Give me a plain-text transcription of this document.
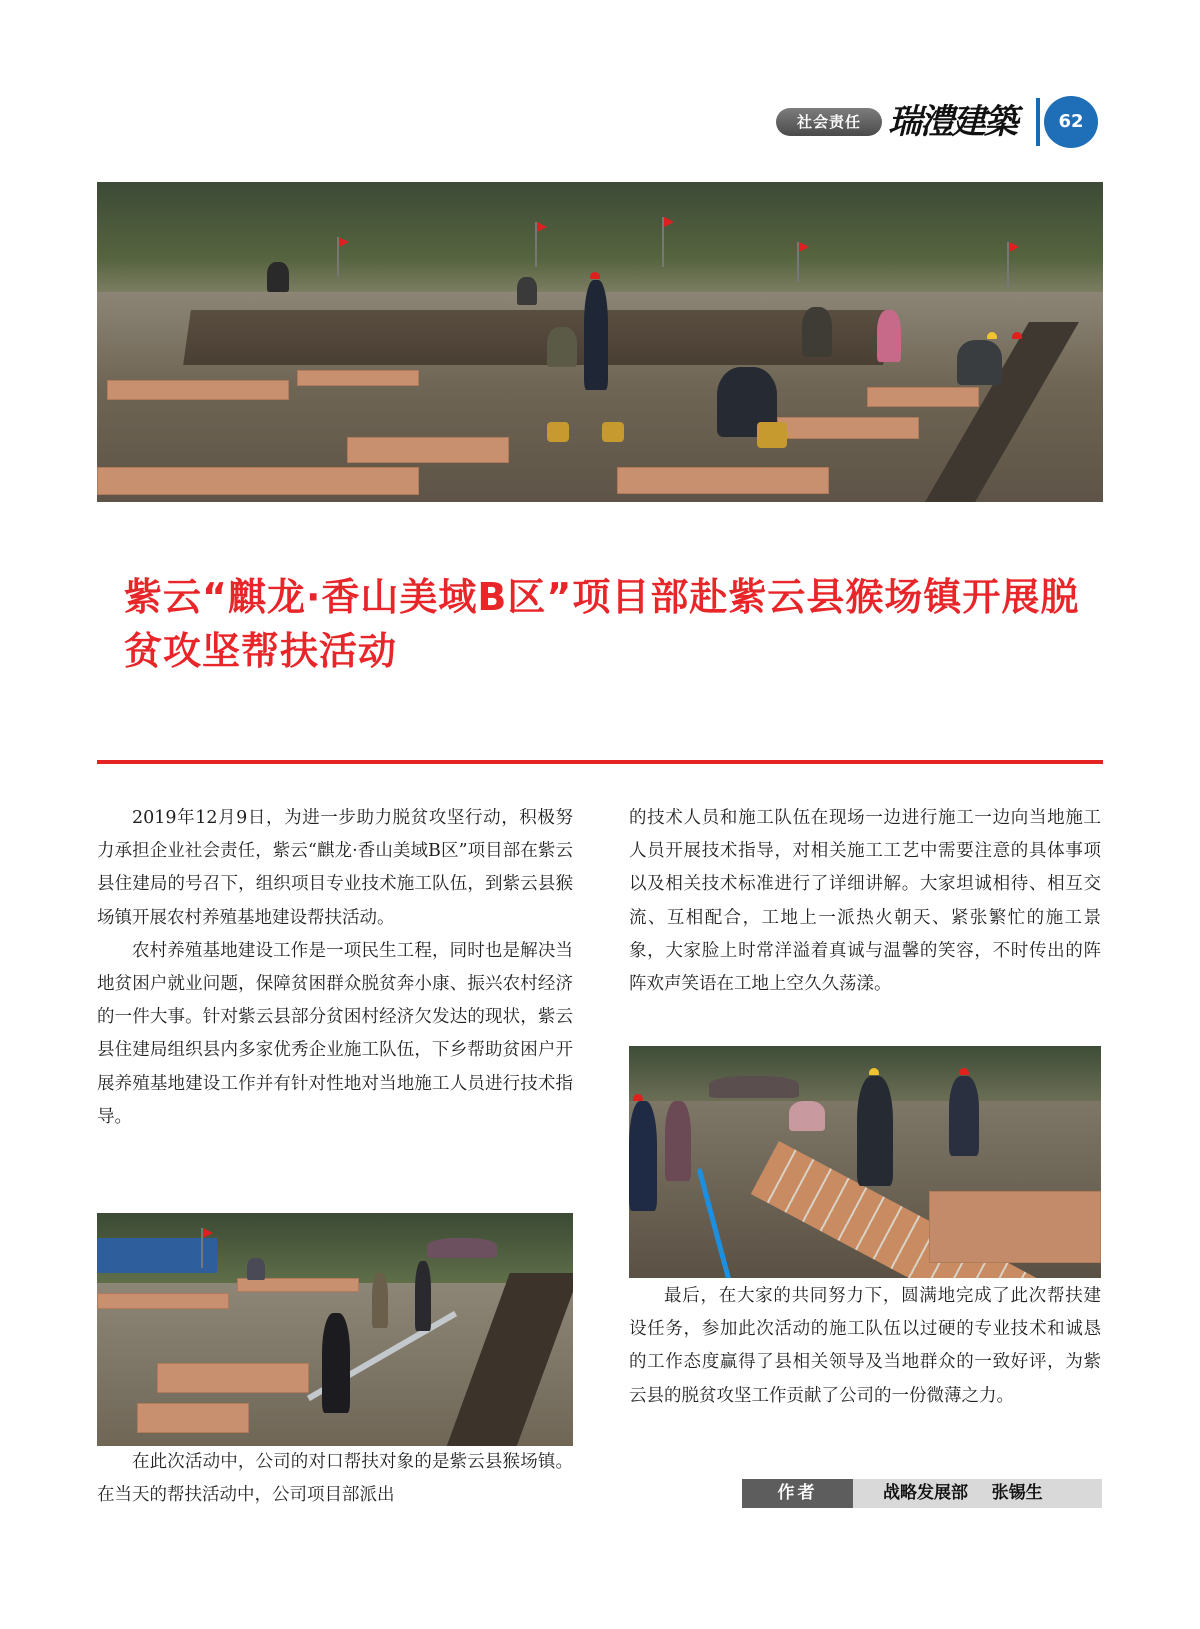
社会责任 瑞澧建築	62
紫云“麒龙·香山美域B区”项目部赴紫云县猴场镇开展脱贫攻坚帮扶活动

2019年12月9日，为进一步助力脱贫攻坚行动，积极努力承担企业社会责任，紫云“麒龙·香山美域B区”项目部在紫云县住建局的号召下，组织项目专业技术施工队伍，到紫云县猴场镇开展农村养殖基地建设帮扶活动。

农村养殖基地建设工作是一项民生工程，同时也是解决当地贫困户就业问题，保障贫困群众脱贫奔小康、振兴农村经济的一件大事。针对紫云县部分贫困村经济欠发达的现状，紫云县住建局组织县内多家优秀企业施工队伍，下乡帮助贫困户开展养殖基地建设工作并有针对性地对当地施工人员进行技术指导。

在此次活动中，公司的对口帮扶对象的是紫云县猴场镇。在当天的帮扶活动中，公司项目部派出

的技术人员和施工队伍在现场一边进行施工一边向当地施工人员开展技术指导，对相关施工工艺中需要注意的具体事项以及相关技术标准进行了详细讲解。大家坦诚相待、相互交流、互相配合，工地上一派热火朝天、紧张繁忙的施工景象，大家脸上时常洋溢着真诚与温馨的笑容，不时传出的阵阵欢声笑语在工地上空久久荡漾。

最后，在大家的共同努力下，圆满地完成了此次帮扶建设任务，参加此次活动的施工队伍以过硬的专业技术和诚恳的工作态度赢得了县相关领导及当地群众的一致好评，为紫云县的脱贫攻坚工作贡献了公司的一份微薄之力。

作者	战略发展部    张锡生
